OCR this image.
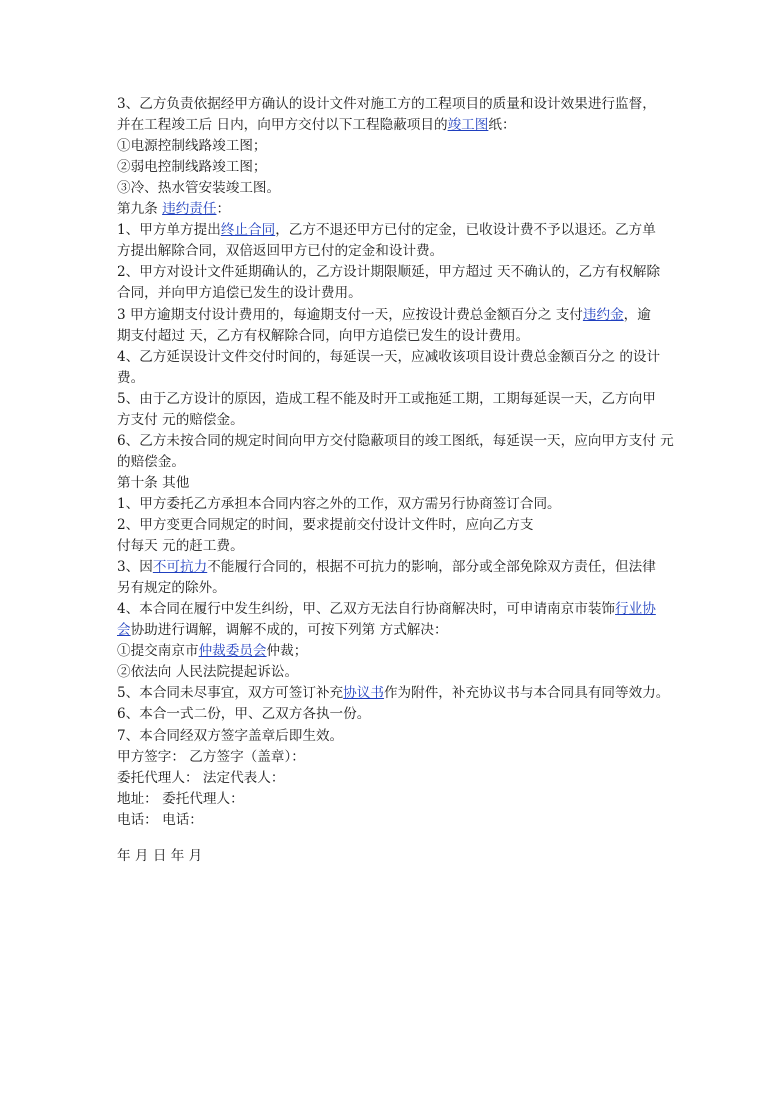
3、乙方负责依据经甲方确认的设计文件对施工方的工程项目的质量和设计效果进行监督，
并在工程竣工后 日内，向甲方交付以下工程隐蔽项目的竣工图纸：
①电源控制线路竣工图；
②弱电控制线路竣工图；
③冷、热水管安装竣工图。
第九条 违约责任：
1、甲方单方提出终止合同，乙方不退还甲方已付的定金，已收设计费不予以退还。乙方单
方提出解除合同，双倍返回甲方已付的定金和设计费。
2、甲方对设计文件延期确认的，乙方设计期限顺延，甲方超过 天不确认的，乙方有权解除
合同，并向甲方追偿已发生的设计费用。
3 甲方逾期支付设计费用的，每逾期支付一天，应按设计费总金额百分之 支付违约金，逾
期支付超过 天，乙方有权解除合同，向甲方追偿已发生的设计费用。
4、乙方延误设计文件交付时间的，每延误一天，应减收该项目设计费总金额百分之 的设计
费。
5、由于乙方设计的原因，造成工程不能及时开工或拖延工期，工期每延误一天，乙方向甲
方支付 元的赔偿金。
6、乙方未按合同的规定时间向甲方交付隐蔽项目的竣工图纸，每延误一天，应向甲方支付 元
的赔偿金。
第十条 其他
1、甲方委托乙方承担本合同内容之外的工作，双方需另行协商签订合同。
2、甲方变更合同规定的时间，要求提前交付设计文件时，应向乙方支
付每天 元的赶工费。
3、因不可抗力不能履行合同的，根据不可抗力的影响，部分或全部免除双方责任，但法律
另有规定的除外。
4、本合同在履行中发生纠纷，甲、乙双方无法自行协商解决时，可申请南京市装饰行业协
会协助进行调解，调解不成的，可按下列第 方式解决：
①提交南京市仲裁委员会仲裁；
②依法向 人民法院提起诉讼。
5、本合同未尽事宜，双方可签订补充协议书作为附件，补充协议书与本合同具有同等效力。
6、本合一式二份，甲、乙双方各执一份。
7、本合同经双方签字盖章后即生效。
甲方签字： 乙方签字（盖章）：
委托代理人： 法定代表人：
地址： 委托代理人：
电话： 电话：
年 月 日 年 月
